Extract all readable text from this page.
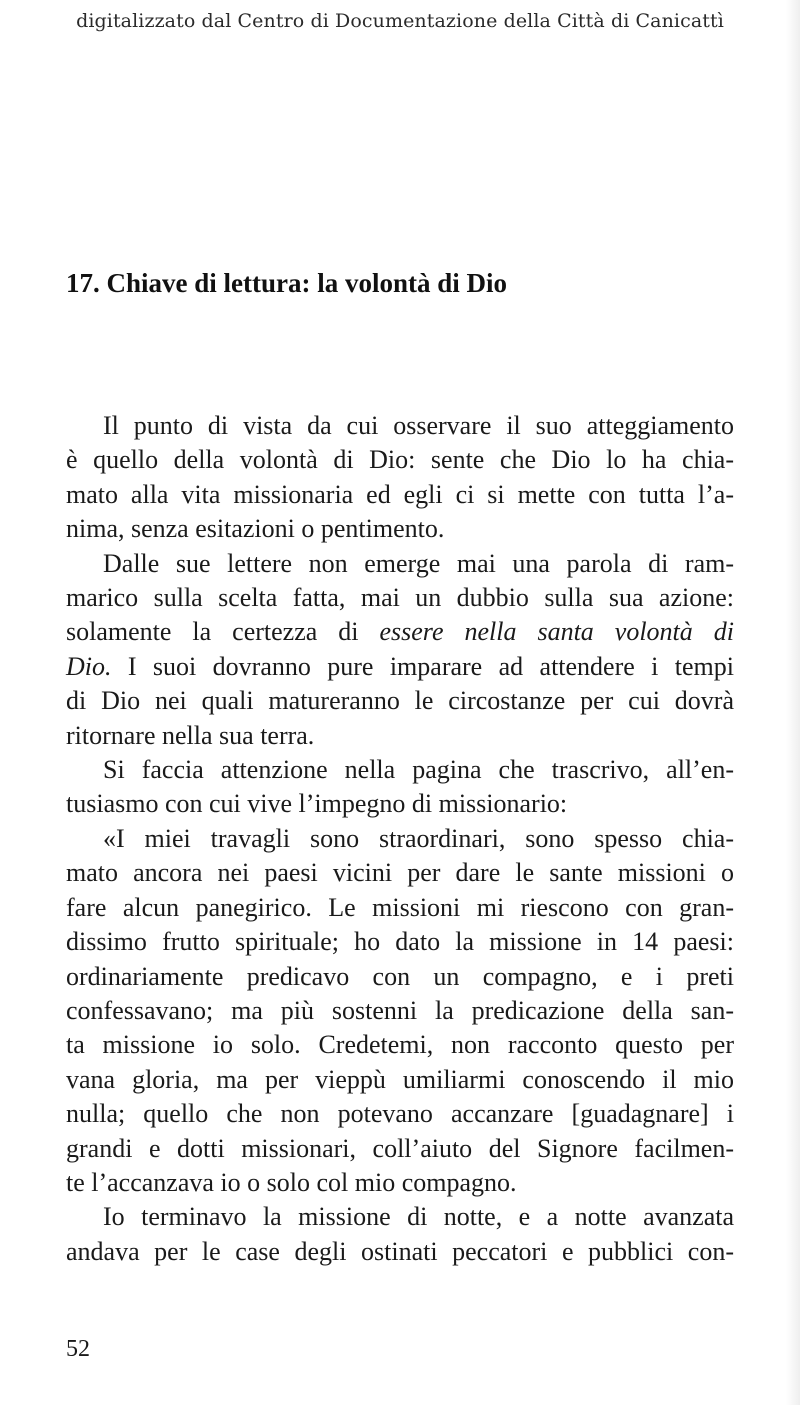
digitalizzato dal Centro di Documentazione della Città di Canicattì
17. Chiave di lettura: la volontà di Dio
Il punto di vista da cui osservare il suo atteggiamento
è quello della volontà di Dio: sente che Dio lo ha chia-
mato alla vita missionaria ed egli ci si mette con tutta l’a-
nima, senza esitazioni o pentimento.
Dalle sue lettere non emerge mai una parola di ram-
marico sulla scelta fatta, mai un dubbio sulla sua azione:
solamente la certezza di essere nella santa volontà di
Dio. I suoi dovranno pure imparare ad attendere i tempi
di Dio nei quali matureranno le circostanze per cui dovrà
ritornare nella sua terra.
Si faccia attenzione nella pagina che trascrivo, all’en-
tusiasmo con cui vive l’impegno di missionario:
«I miei travagli sono straordinari, sono spesso chia-
mato ancora nei paesi vicini per dare le sante missioni o
fare alcun panegirico. Le missioni mi riescono con gran-
dissimo frutto spirituale; ho dato la missione in 14 paesi:
ordinariamente predicavo con un compagno, e i preti
confessavano; ma più sostenni la predicazione della san-
ta missione io solo. Credetemi, non racconto questo per
vana gloria, ma per vieppù umiliarmi conoscendo il mio
nulla; quello che non potevano accanzare [guadagnare] i
grandi e dotti missionari, coll’aiuto del Signore facilmen-
te l’accanzava io o solo col mio compagno.
Io terminavo la missione di notte, e a notte avanzata
andava per le case degli ostinati peccatori e pubblici con-
52
